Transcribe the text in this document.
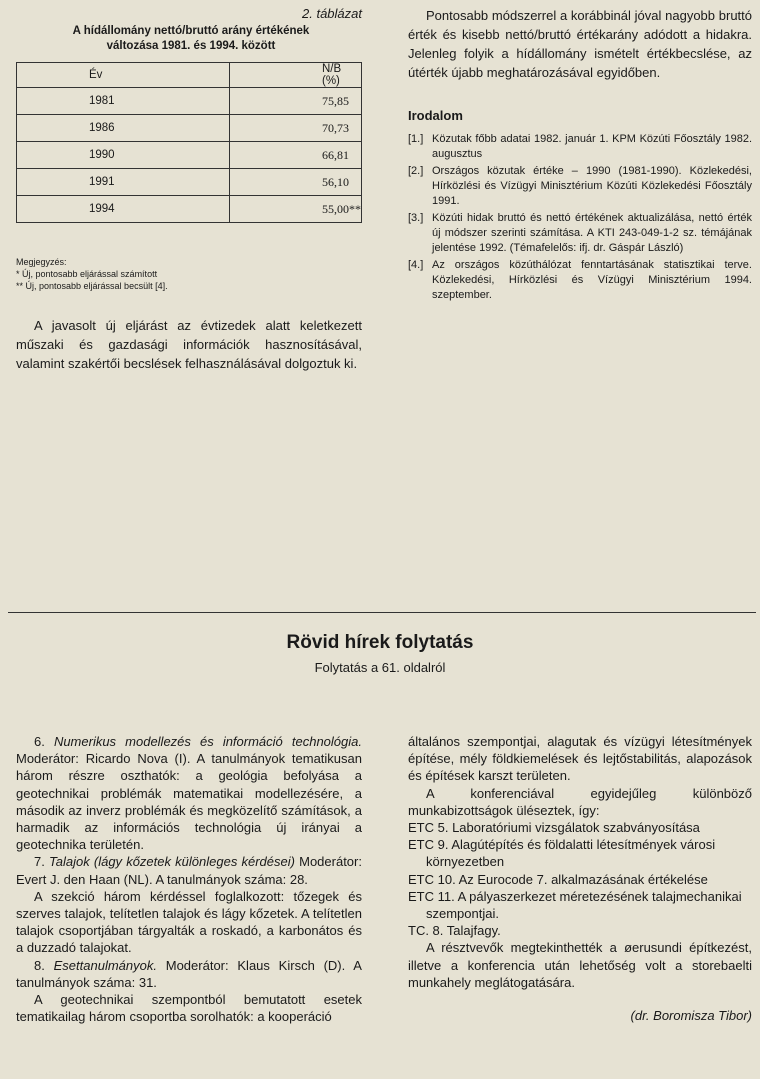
2. táblázat
A hídállomány nettó/bruttó arány értékének
változása 1981. és 1994. között
Év	N/B (%)
1981	75,85
1986	70,73
1990	66,81
1991	56,10
1994	55,00**
Megjegyzés:
* Új, pontosabb eljárással számított
** Új, pontosabb eljárással becsült [4].

A javasolt új eljárást az évtizedek alatt keletkezett műszaki és gazdasági információk hasznosításával, valamint szakértői becslések felhasználásával dolgoztuk ki.

Pontosabb módszerrel a korábbinál jóval nagyobb bruttó érték és kisebb nettó/bruttó értékarány adódott a hidakra. Jelenleg folyik a hídállomány ismételt értékbecslése, az útérték újabb meghatározásával egyidőben.

Irodalom
[1.] Közutak főbb adatai 1982. január 1. KPM Közúti Főosztály 1982. augusztus
[2.] Országos közutak értéke – 1990 (1981-1990). Közlekedési, Hírközlési és Vízügyi Minisztérium Közúti Közlekedési Főosztály 1991.
[3.] Közúti hidak bruttó és nettó értékének aktualizálása, nettó érték új módszer szerinti számítása. A KTI 243-049-1-2 sz. témájának jelentése 1992. (Témafelelős: ifj. dr. Gáspár László)
[4.] Az országos közúthálózat fenntartásának statisztikai terve. Közlekedési, Hírközlési és Vízügyi Minisztérium 1994. szeptember.
Rövid hírek folytatás
Folytatás a 61. oldalról

6. Numerikus modellezés és információ technológia. Moderátor: Ricardo Nova (I). A tanulmányok tematikusan három részre oszthatók: a geológia befolyása a geotechnikai problémák matematikai modellezésére, a második az inverz problémák és megközelítő számítások, a harmadik az információs technológia új irányai a geotechnika területén.

7. Talajok (lágy kőzetek különleges kérdései) Moderátor: Evert J. den Haan (NL). A tanulmányok száma: 28.

A szekció három kérdéssel foglalkozott: tőzegek és szerves talajok, telítetlen talajok és lágy kőzetek. A telítetlen talajok csoportjában tárgyalták a roskadó, a karbonátos és a duzzadó talajokat.

8. Esettanulmányok. Moderátor: Klaus Kirsch (D). A tanulmányok száma: 31.

A geotechnikai szempontból bemutatott esetek tematikailag három csoportba sorolhatók: a kooperáció

általános szempontjai, alagutak és vízügyi létesítmények építése, mély földkiemelések és lejtőstabilitás, alapozások és építések karszt területen.

A konferenciával egyidejűleg különböző munkabizottságok üléseztek, így:

ETC 5. Laboratóriumi vizsgálatok szabványosítása

ETC 9. Alagútépítés és földalatti létesítmények városi környezetben

ETC 10. Az Eurocode 7. alkalmazásának értékelése

ETC 11. A pályaszerkezet méretezésének talajmechanikai szempontjai.

TC. 8. Talajfagy.

A résztvevők megtekinthették a øerusundi építkezést, illetve a konferencia után lehetőség volt a storebaelti munkahely meglátogatására.

(dr. Boromisza Tibor)
